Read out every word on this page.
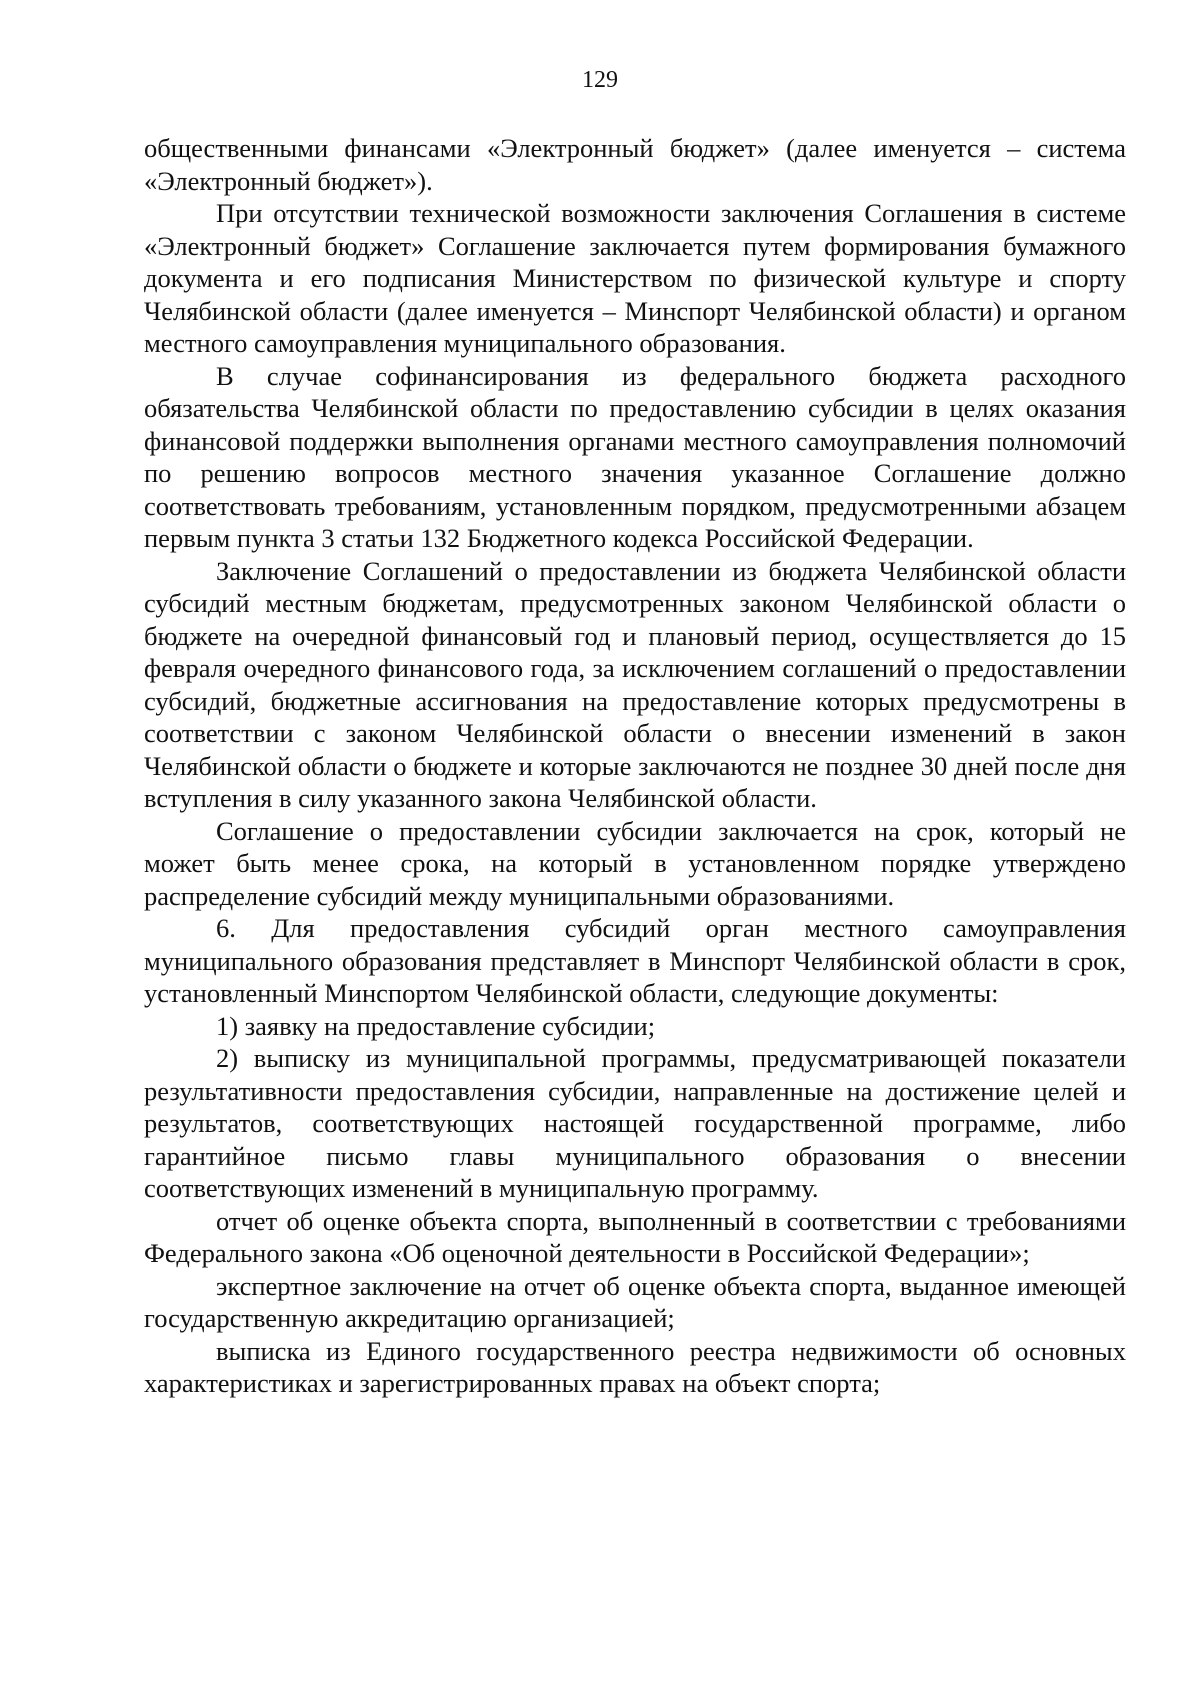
129

общественными финансами «Электронный бюджет» (далее именуется – система «Электронный бюджет»).

При отсутствии технической возможности заключения Соглашения в системе «Электронный бюджет» Соглашение заключается путем формирования бумажного документа и его подписания Министерством по физической культуре и спорту Челябинской области (далее именуется – Минспорт Челябинской области) и органом местного самоуправления муниципального образования.

В случае софинансирования из федерального бюджета расходного обязательства Челябинской области по предоставлению субсидии в целях оказания финансовой поддержки выполнения органами местного самоуправления полномочий по решению вопросов местного значения указанное Соглашение должно соответствовать требованиям, установленным порядком, предусмотренными абзацем первым пункта 3 статьи 132 Бюджетного кодекса Российской Федерации.

Заключение Соглашений о предоставлении из бюджета Челябинской области субсидий местным бюджетам, предусмотренных законом Челябинской области о бюджете на очередной финансовый год и плановый период, осуществляется до 15 февраля очередного финансового года, за исключением соглашений о предоставлении субсидий, бюджетные ассигнования на предоставление которых предусмотрены в соответствии с законом Челябинской области о внесении изменений в закон Челябинской области о бюджете и которые заключаются не позднее 30 дней после дня вступления в силу указанного закона Челябинской области.

Соглашение о предоставлении субсидии заключается на срок, который не может быть менее срока, на который в установленном порядке утверждено распределение субсидий между муниципальными образованиями.

6. Для предоставления субсидий орган местного самоуправления муниципального образования представляет в Минспорт Челябинской области в срок, установленный Минспортом Челябинской области, следующие документы:

1) заявку на предоставление субсидии;

2) выписку из муниципальной программы, предусматривающей показатели результативности предоставления субсидии, направленные на достижение целей и результатов, соответствующих настоящей государственной программе, либо гарантийное письмо главы муниципального образования о внесении соответствующих изменений в муниципальную программу.

отчет об оценке объекта спорта, выполненный в соответствии с требованиями Федерального закона «Об оценочной деятельности в Российской Федерации»;

экспертное заключение на отчет об оценке объекта спорта, выданное имеющей государственную аккредитацию организацией;

выписка из Единого государственного реестра недвижимости об основных характеристиках и зарегистрированных правах на объект спорта;
